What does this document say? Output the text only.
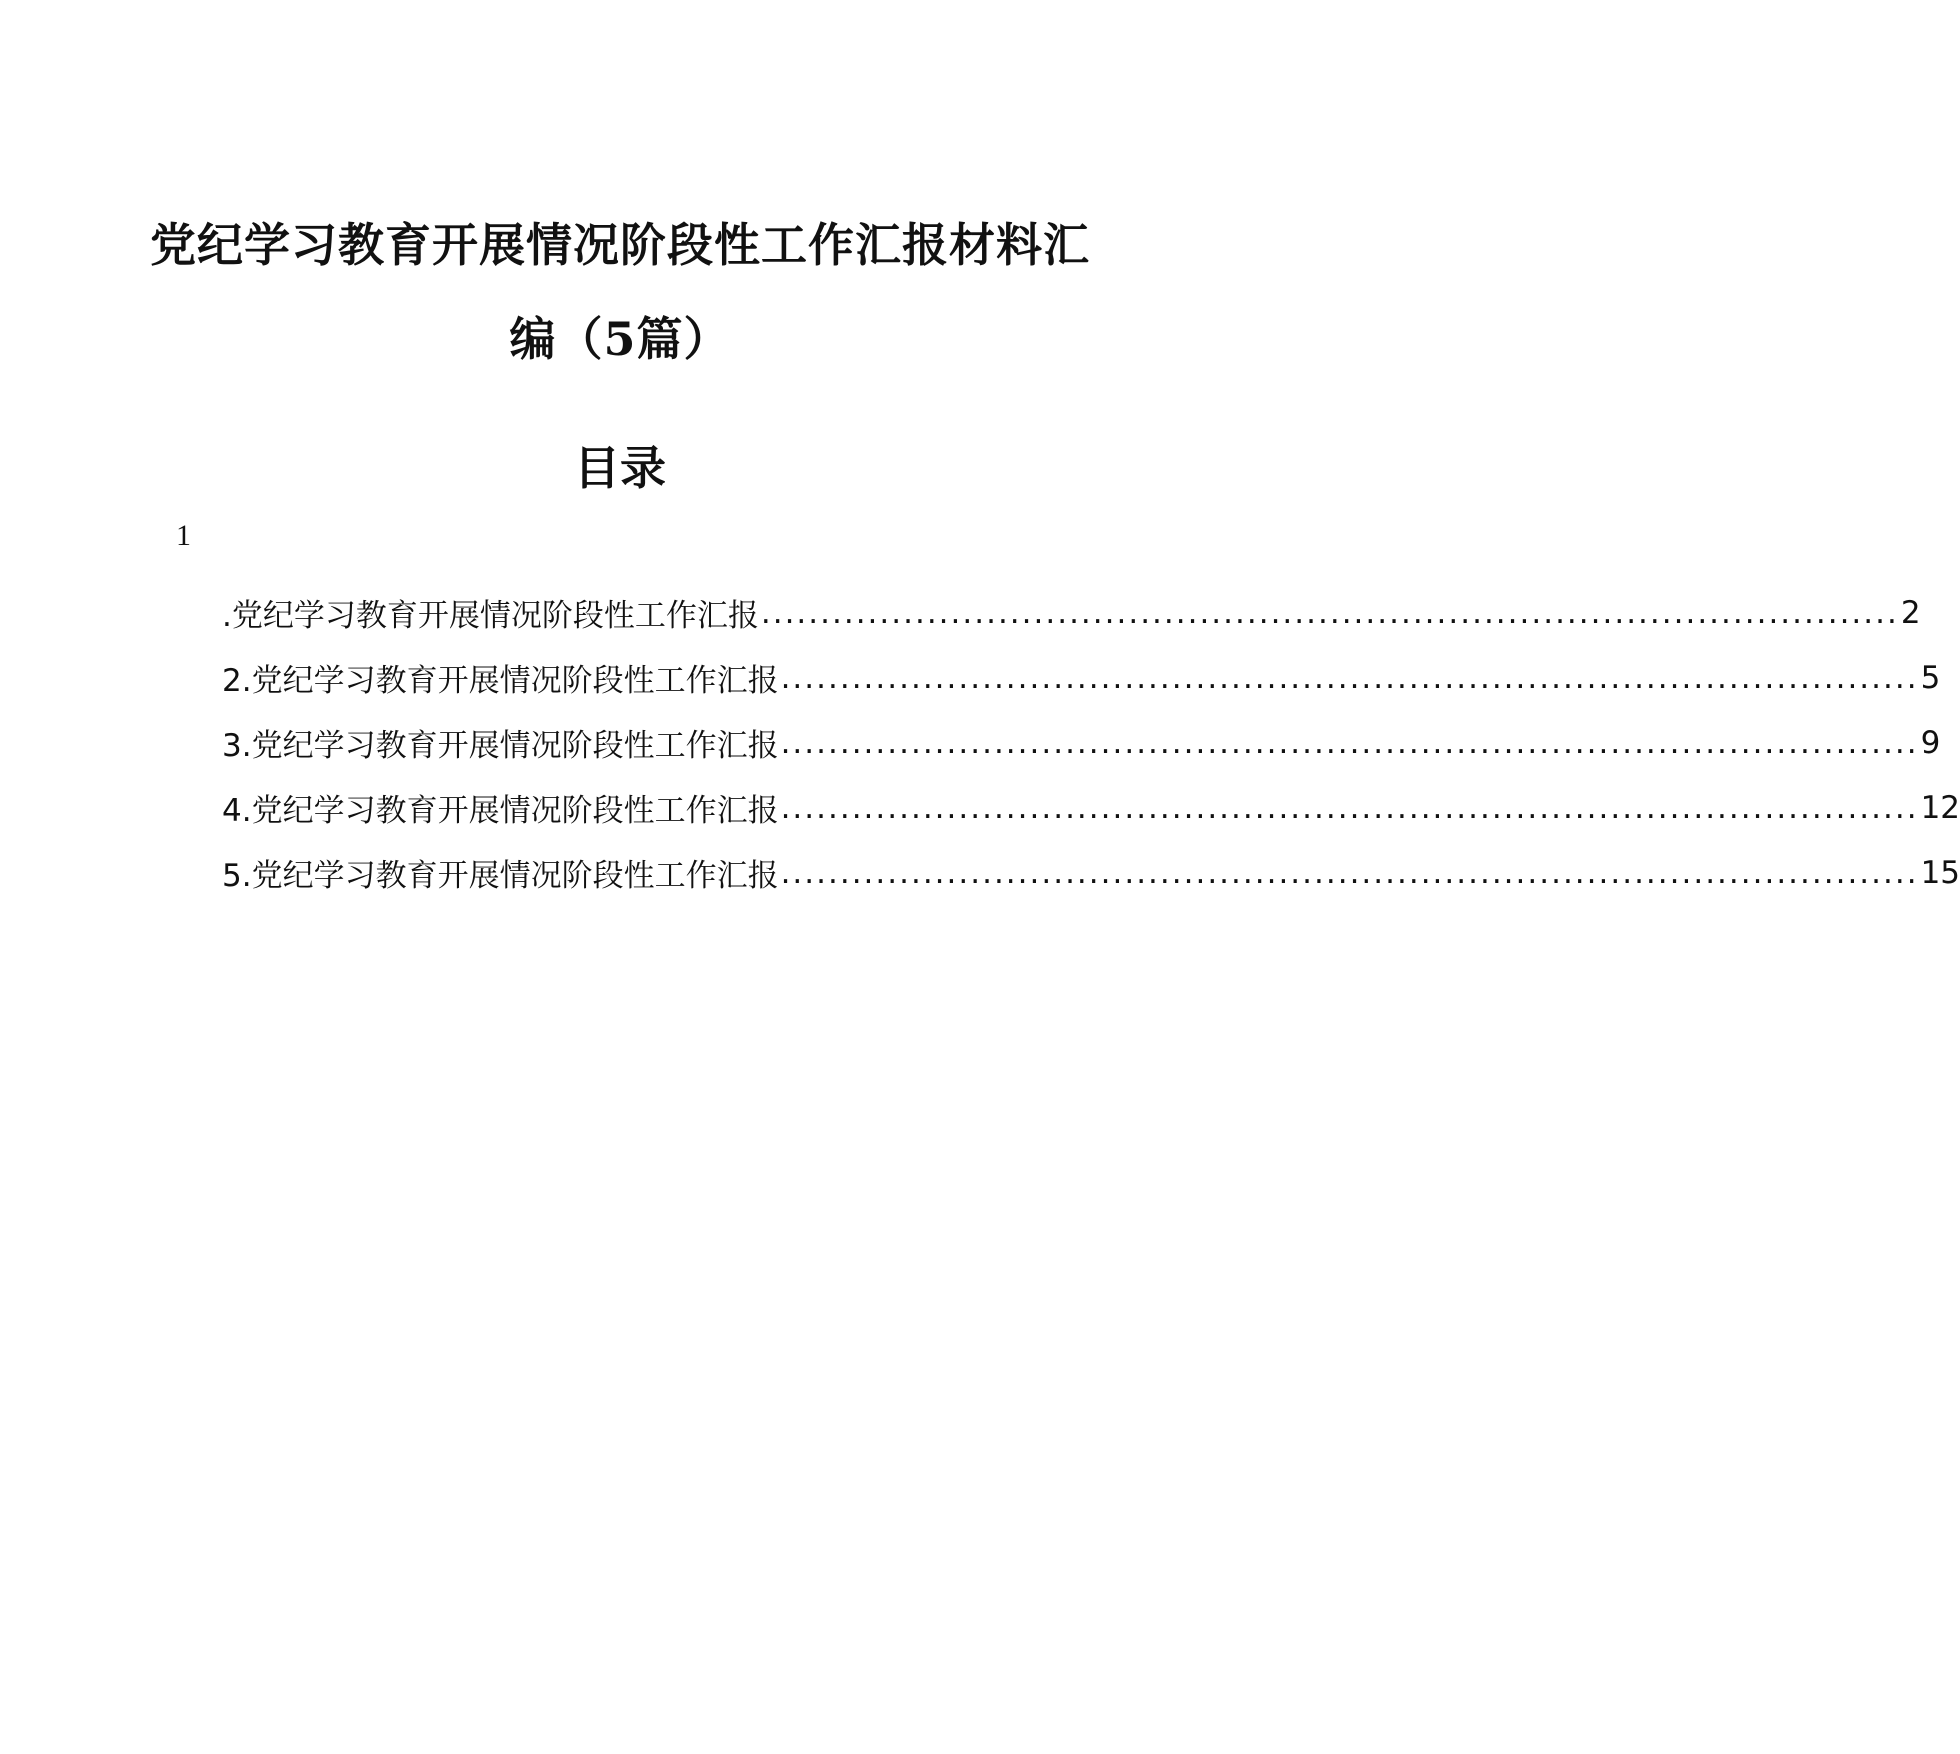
党纪学习教育开展情况阶段性工作汇报材料汇
编（5篇）
目录
1
.党纪学习教育开展情况阶段性工作汇报 ................................................................................................ 2
2.党纪学习教育开展情况阶段性工作汇报 ................................................................................................ 5
3.党纪学习教育开展情况阶段性工作汇报 ................................................................................................ 9
4.党纪学习教育开展情况阶段性工作汇报 ................................................................................................ 12
5.党纪学习教育开展情况阶段性工作汇报 ................................................................................................ 15
